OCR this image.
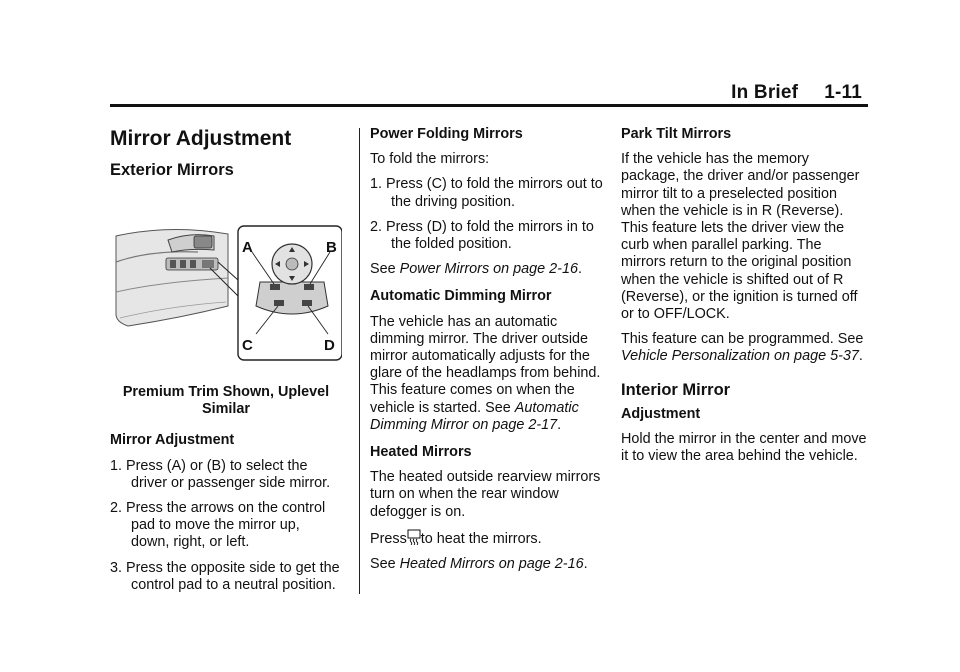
In Brief 1-11

Mirror Adjustment

Exterior Mirrors

A	B
C	D

Premium Trim Shown, Uplevel Similar

Mirror Adjustment

1. Press (A) or (B) to select the driver or passenger side mirror.

2. Press the arrows on the control pad to move the mirror up, down, right, or left.

3. Press the opposite side to get the control pad to a neutral position.

Power Folding Mirrors

To fold the mirrors:

1. Press (C) to fold the mirrors out to the driving position.

2. Press (D) to fold the mirrors in to the folded position.

See Power Mirrors on page 2-16.

Automatic Dimming Mirror

The vehicle has an automatic dimming mirror. The driver outside mirror automatically adjusts for the glare of the headlamps from behind. This feature comes on when the vehicle is started. See Automatic Dimming Mirror on page 2-17.

Heated Mirrors

The heated outside rearview mirrors turn on when the rear window defogger is on.

Press to heat the mirrors.

See Heated Mirrors on page 2-16.

Park Tilt Mirrors

If the vehicle has the memory package, the driver and/or passenger mirror tilt to a preselected position when the vehicle is in R (Reverse). This feature lets the driver view the curb when parallel parking. The mirrors return to the original position when the vehicle is shifted out of R (Reverse), or the ignition is turned off or to OFF/LOCK.

This feature can be programmed. See Vehicle Personalization on page 5-37.

Interior Mirror

Adjustment

Hold the mirror in the center and move it to view the area behind the vehicle.
